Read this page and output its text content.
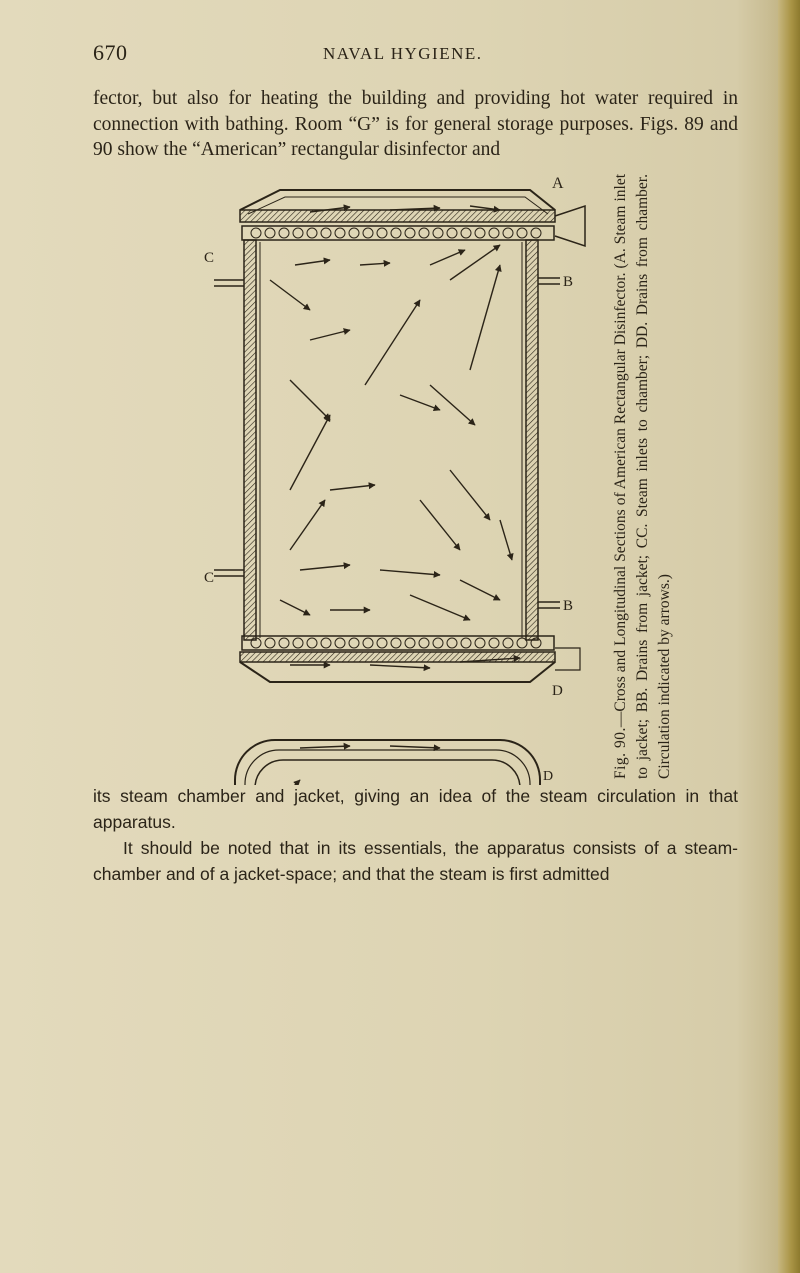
670	NAVAL HYGIENE.

fector, but also for heating the building and providing hot water required in connection with bathing. Room “G” is for general storage purposes. Figs. 89 and 90 show the “American” rectangular disinfector and

A
C
C
B
B
D
D	Fig. 90.—Cross and Longitudinal Sections of American Rectangular Disinfector. (A. Steam inlet to jacket; BB. Drains from jacket; CC. Steam inlets to chamber; DD. Drains from chamber. Circulation indicated by arrows.)

its steam chamber and jacket, giving an idea of the steam circulation in that apparatus.
It should be noted that in its essentials, the apparatus consists of a steam-chamber and of a jacket-space; and that the steam is first admitted
